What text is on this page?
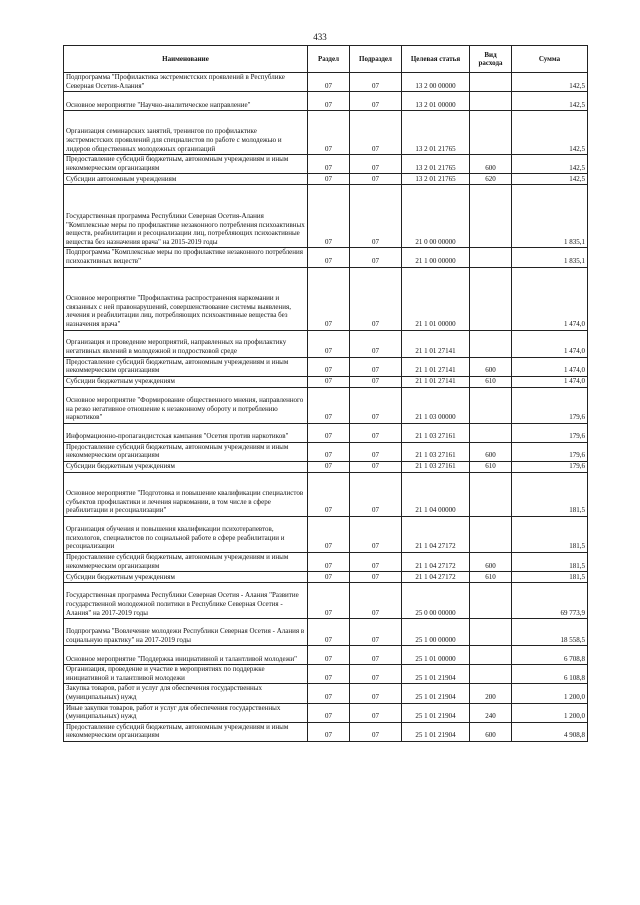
433
Наименование	Раздел	Подраздел	Целевая статья	Вид расхода	Сумма
Подпрограмма "Профилактика экстремистских проявлений в Республике Северная Осетия-Алания"	07	07	13 2 00 00000		142,5
Основное мероприятие "Научно-аналитическое направление"	07	07	13 2 01 00000		142,5
Организация семинарских занятий, тренингов по профилактике экстремистских проявлений для специалистов по работе с молодежью и лидеров общественных молодежных организаций	07	07	13 2 01 21765		142,5
Предоставление субсидий бюджетным, автономным учреждениям и иным некоммерческим организациям	07	07	13 2 01 21765	600	142,5
Субсидии автономным учреждениям	07	07	13 2 01 21765	620	142,5
Государственная программа Республики Северная Осетия-Алания "Комплексные меры по профилактике незаконного потребления психоактивных веществ, реабилитации и ресоциализации лиц, потребляющих психоактивные вещества без назначения врача" на 2015-2019 годы	07	07	21 0 00 00000		1 835,1
Подпрограмма "Комплексные меры по профилактике незаконного потребления психоактивных веществ"	07	07	21 1 00 00000		1 835,1
Основное мероприятие "Профилактика распространения наркомании и связанных с ней правонарушений, совершенствование системы выявления, лечения и реабилитации лиц, потребляющих психоактивные вещества без назначения врача"	07	07	21 1 01 00000		1 474,0
Организация и проведение мероприятий, направленных на профилактику негативных явлений в молодежной и подростковой среде	07	07	21 1 01 27141		1 474,0
Предоставление субсидий бюджетным, автономным учреждениям и иным некоммерческим организациям	07	07	21 1 01 27141	600	1 474,0
Субсидии бюджетным учреждениям	07	07	21 1 01 27141	610	1 474,0
Основное мероприятие "Формирование общественного мнения, направленного на резко негативное отношение к незаконному обороту и потреблению наркотиков"	07	07	21 1 03 00000		179,6
Информационно-пропагандистская кампания "Осетия против наркотиков"	07	07	21 1 03 27161		179,6
Предоставление субсидий бюджетным, автономным учреждениям и иным некоммерческим организациям	07	07	21 1 03 27161	600	179,6
Субсидии бюджетным учреждениям	07	07	21 1 03 27161	610	179,6
Основное мероприятие "Подготовка и повышение квалификации специалистов субъектов профилактики и лечения наркомании, в том числе в сфере реабилитации и ресоциализации"	07	07	21 1 04 00000		181,5
Организация обучения и повышения квалификации психотерапевтов, психологов, специалистов по социальной работе в сфере реабилитации и ресоциализации	07	07	21 1 04 27172		181,5
Предоставление субсидий бюджетным, автономным учреждениям и иным некоммерческим организациям	07	07	21 1 04 27172	600	181,5
Субсидии бюджетным учреждениям	07	07	21 1 04 27172	610	181,5
Государственная программа Республики Северная Осетия - Алания "Развитие государственной молодежной политики в Республике Северная Осетия - Алания" на 2017-2019 годы	07	07	25 0 00 00000		69 773,9
Подпрограмма "Вовлечение молодежи Республики Северная Осетия - Алания в социальную практику" на 2017-2019 годы	07	07	25 1 00 00000		18 558,5
Основное мероприятие "Поддержка инициативной и талантливой молодежи"	07	07	25 1 01 00000		6 708,8
Организация, проведение и участие в мероприятиях по поддержке инициативной и талантливой молодежи	07	07	25 1 01 21904		6 108,8
Закупка товаров, работ и услуг для обеспечения государственных (муниципальных) нужд	07	07	25 1 01 21904	200	1 200,0
Иные закупки товаров, работ и услуг для обеспечения государственных (муниципальных) нужд	07	07	25 1 01 21904	240	1 200,0
Предоставление субсидий бюджетным, автономным учреждениям и иным некоммерческим организациям	07	07	25 1 01 21904	600	4 908,8
